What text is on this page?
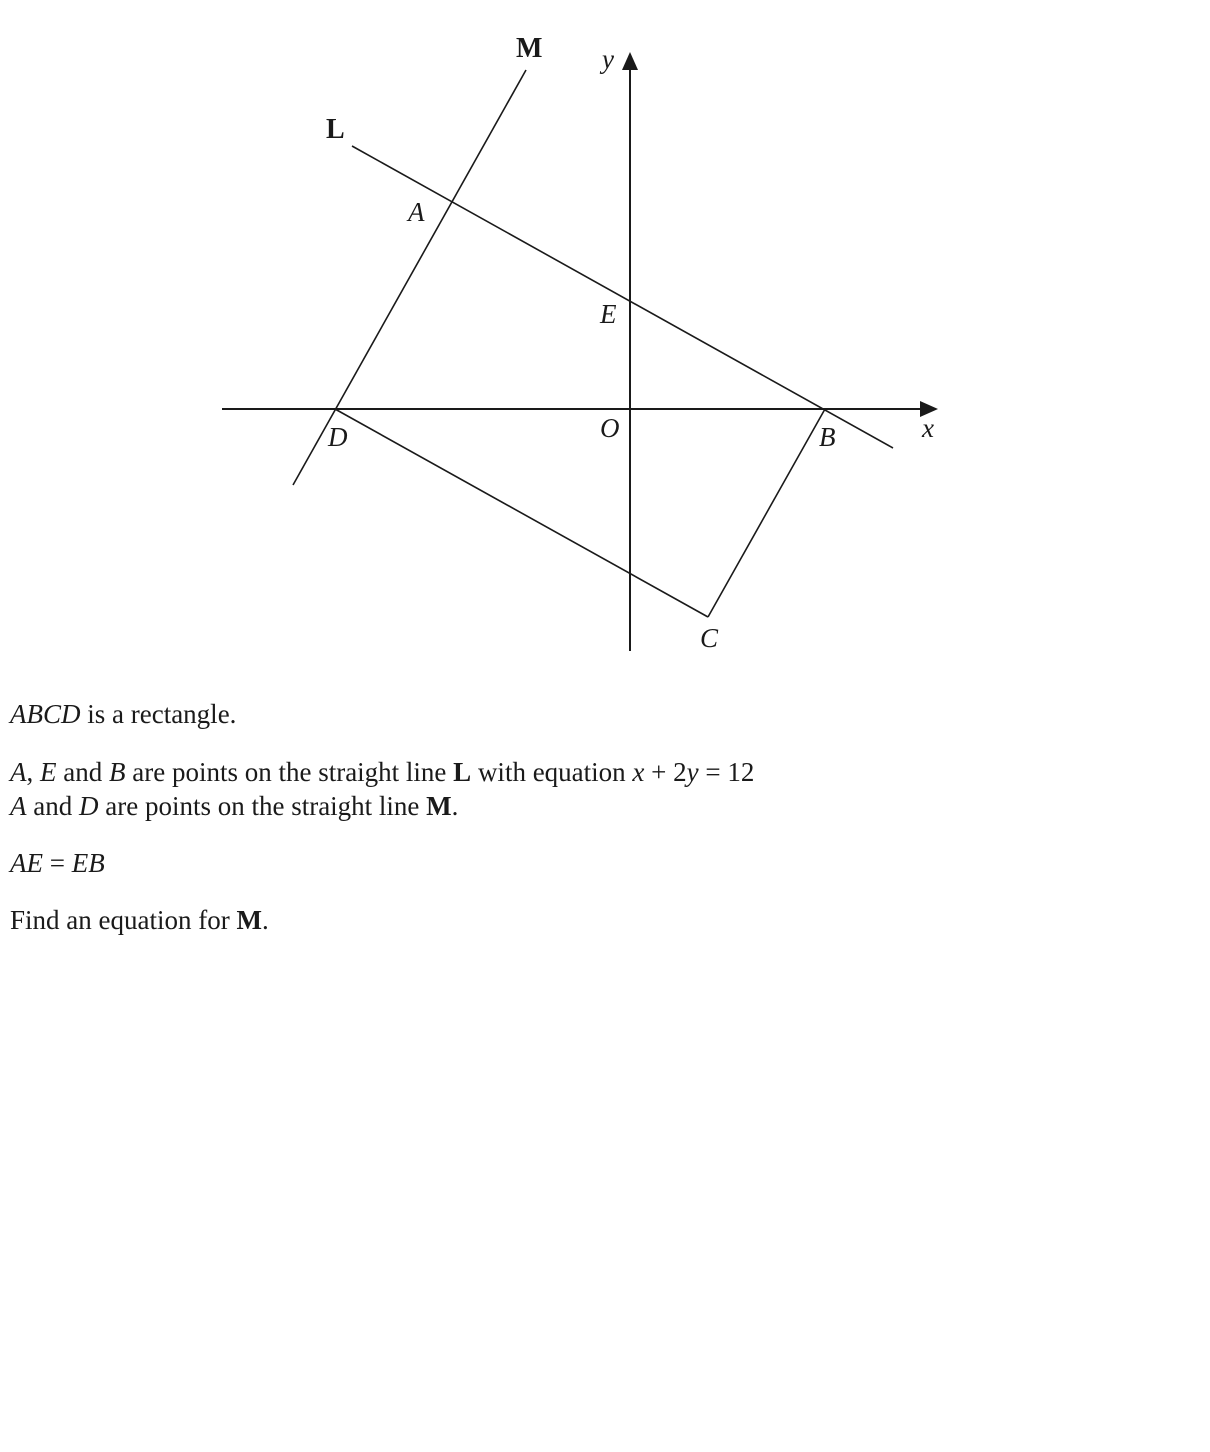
M
L
y
x
A
E
D	O	B
C

ABCD is a rectangle.

A, E and B are points on the straight line L with equation x + 2y = 12

A and D are points on the straight line M.

AE = EB

Find an equation for M.
